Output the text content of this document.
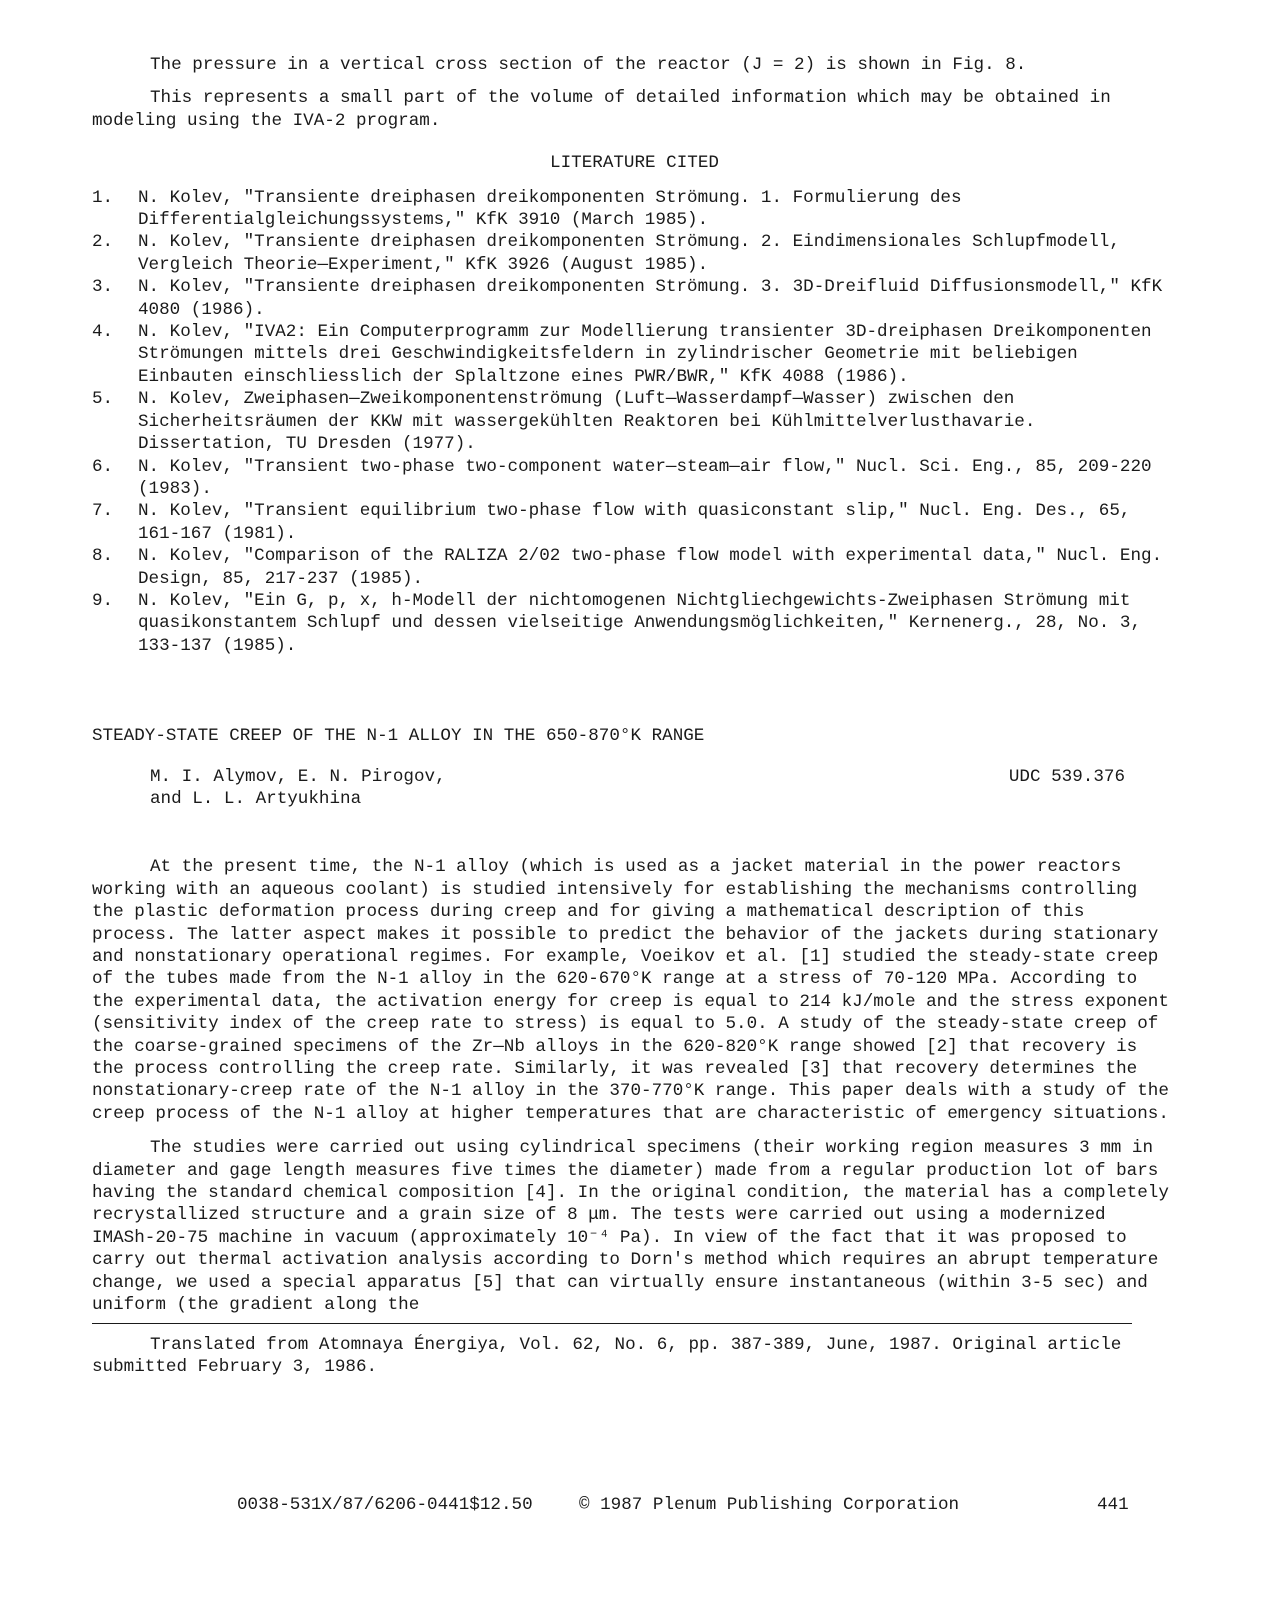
The pressure in a vertical cross section of the reactor (J = 2) is shown in Fig. 8.

This represents a small part of the volume of detailed information which may be obtained in modeling using the IVA-2 program.

LITERATURE CITED
1. N. Kolev, "Transiente dreiphasen dreikomponenten Strömung. 1. Formulierung des Differentialgleichungssystems," KfK 3910 (March 1985).
2. N. Kolev, "Transiente dreiphasen dreikomponenten Strömung. 2. Eindimensionales Schlupfmodell, Vergleich Theorie—Experiment," KfK 3926 (August 1985).
3. N. Kolev, "Transiente dreiphasen dreikomponenten Strömung. 3. 3D-Dreifluid Diffusionsmodell," KfK 4080 (1986).
4. N. Kolev, "IVA2: Ein Computerprogramm zur Modellierung transienter 3D-dreiphasen Dreikomponenten Strömungen mittels drei Geschwindigkeitsfeldern in zylindrischer Geometrie mit beliebigen Einbauten einschliesslich der Splaltzone eines PWR/BWR," KfK 4088 (1986).
5. N. Kolev, Zweiphasen—Zweikomponentenströmung (Luft—Wasserdampf—Wasser) zwischen den Sicherheitsräumen der KKW mit wassergekühlten Reaktoren bei Kühlmittelverlusthavarie. Dissertation, TU Dresden (1977).
6. N. Kolev, "Transient two-phase two-component water—steam—air flow," Nucl. Sci. Eng., 85, 209-220 (1983).
7. N. Kolev, "Transient equilibrium two-phase flow with quasiconstant slip," Nucl. Eng. Des., 65, 161-167 (1981).
8. N. Kolev, "Comparison of the RALIZA 2/02 two-phase flow model with experimental data," Nucl. Eng. Design, 85, 217-237 (1985).
9. N. Kolev, "Ein G, p, x, h-Modell der nichtomogenen Nichtgliechgewichts-Zweiphasen Strömung mit quasikonstantem Schlupf und dessen vielseitige Anwendungsmöglichkeiten," Kernenerg., 28, No. 3, 133-137 (1985).
STEADY-STATE CREEP OF THE N-1 ALLOY IN THE 650-870°K RANGE
M. I. Alymov, E. N. Pirogov,
and L. L. Artyukhina
UDC 539.376

At the present time, the N-1 alloy (which is used as a jacket material in the power reactors working with an aqueous coolant) is studied intensively for establishing the mechanisms controlling the plastic deformation process during creep and for giving a mathematical description of this process. The latter aspect makes it possible to predict the behavior of the jackets during stationary and nonstationary operational regimes. For example, Voeikov et al. [1] studied the steady-state creep of the tubes made from the N-1 alloy in the 620-670°K range at a stress of 70-120 MPa. According to the experimental data, the activation energy for creep is equal to 214 kJ/mole and the stress exponent (sensitivity index of the creep rate to stress) is equal to 5.0. A study of the steady-state creep of the coarse-grained specimens of the Zr—Nb alloys in the 620-820°K range showed [2] that recovery is the process controlling the creep rate. Similarly, it was revealed [3] that recovery determines the nonstationary-creep rate of the N-1 alloy in the 370-770°K range. This paper deals with a study of the creep process of the N-1 alloy at higher temperatures that are characteristic of emergency situations.

The studies were carried out using cylindrical specimens (their working region measures 3 mm in diameter and gage length measures five times the diameter) made from a regular production lot of bars having the standard chemical composition [4]. In the original condition, the material has a completely recrystallized structure and a grain size of 8 μm. The tests were carried out using a modernized IMASh-20-75 machine in vacuum (approximately 10⁻⁴ Pa). In view of the fact that it was proposed to carry out thermal activation analysis according to Dorn's method which requires an abrupt temperature change, we used a special apparatus [5] that can virtually ensure instantaneous (within 3-5 sec) and uniform (the gradient along the

Translated from Atomnaya Énergiya, Vol. 62, No. 6, pp. 387-389, June, 1987. Original article submitted February 3, 1986.

0038-531X/87/6206-0441$12.50	© 1987 Plenum Publishing Corporation	441
